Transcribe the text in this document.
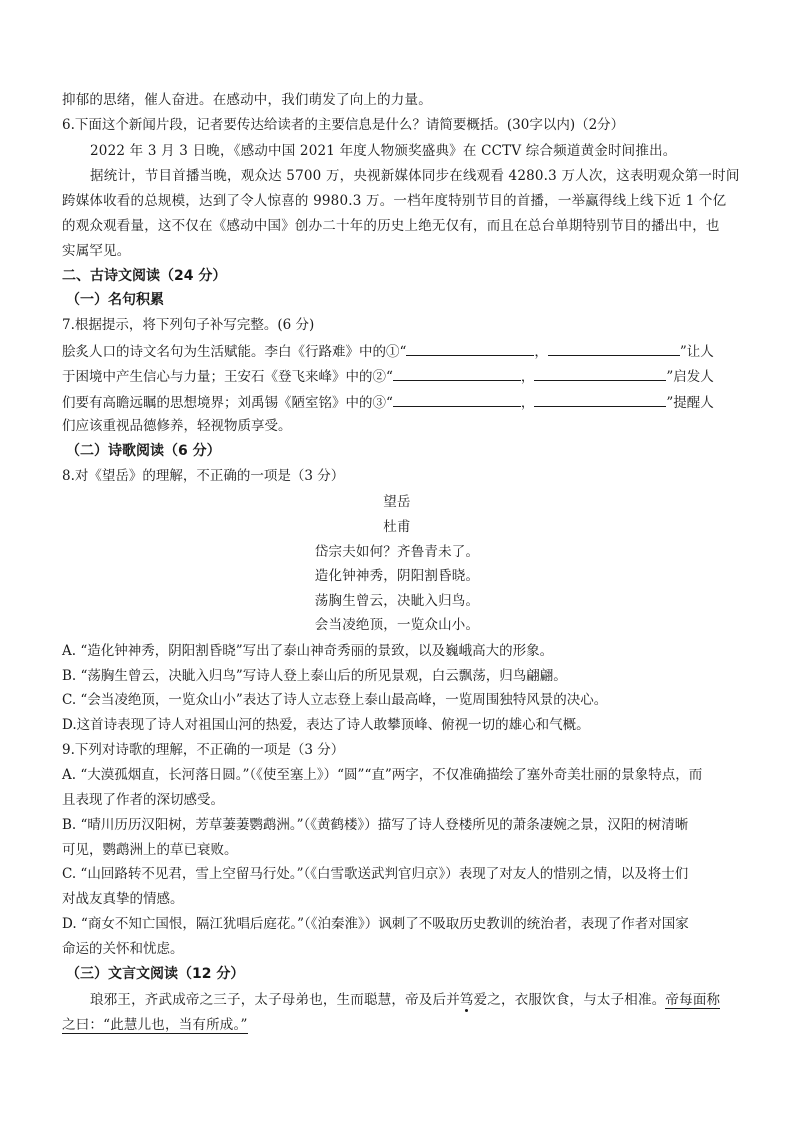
抑郁的思绪，催人奋进。在感动中，我们萌发了向上的力量。
6.下面这个新闻片段，记者要传达给读者的主要信息是什么？请简要概括。(30字以内)（2分）
2022 年 3 月 3 日晚，《感动中国 2021 年度人物颁奖盛典》在 CCTV 综合频道黄金时间推出。
据统计，节目首播当晚，观众达 5700 万，央视新媒体同步在线观看 4280.3 万人次，这表明观众第一时间
跨媒体收看的总规模，达到了令人惊喜的 9980.3 万。一档年度特别节目的首播，一举赢得线上线下近 1 个亿
的观众观看量，这不仅在《感动中国》创办二十年的历史上绝无仅有，而且在总台单期特别节目的播出中，也
实属罕见。
二、古诗文阅读（24 分）
（一）名句积累
7.根据提示，将下列句子补写完整。(6 分)
脍炙人口的诗文名句为生活赋能。李白《行路难》中的①“	，	”让人
于困境中产生信心与力量；王安石《登飞来峰》中的②“	，	”启发人
们要有高瞻远瞩的思想境界；刘禹锡《陋室铭》中的③“	，	”提醒人
们应该重视品德修养，轻视物质享受。
（二）诗歌阅读（6 分）
8.对《望岳》的理解，不正确的一项是（3 分）
望岳
杜甫
岱宗夫如何？齐鲁青未了。
造化钟神秀，阴阳割昏晓。
荡胸生曾云，决眦入归鸟。
会当凌绝顶，一览众山小。
A. “造化钟神秀，阴阳割昏晓”写出了泰山神奇秀丽的景致，以及巍峨高大的形象。
B. “荡胸生曾云，决眦入归鸟”写诗人登上泰山后的所见景观，白云飘荡，归鸟翩翩。
C. “会当凌绝顶，一览众山小”表达了诗人立志登上泰山最高峰，一览周围独特风景的决心。
D.这首诗表现了诗人对祖国山河的热爱，表达了诗人敢攀顶峰、俯视一切的雄心和气概。
9.下列对诗歌的理解，不正确的一项是（3 分）
A. “大漠孤烟直，长河落日圆。”（《使至塞上》）“圆”“直”两字，不仅准确描绘了塞外奇美壮丽的景象特点，而
且表现了作者的深切感受。
B. “晴川历历汉阳树，芳草萋萋鹦鹉洲。”（《黄鹤楼》）描写了诗人登楼所见的萧条凄婉之景，汉阳的树清晰
可见，鹦鹉洲上的草已衰败。
C. “山回路转不见君，雪上空留马行处。”（《白雪歌送武判官归京》）表现了对友人的惜别之情，以及将士们
对战友真挚的情感。
D. “商女不知亡国恨，隔江犹唱后庭花。”（《泊秦淮》）讽刺了不吸取历史教训的统治者，表现了作者对国家
命运的关怀和忧虑。
（三）文言文阅读（12 分）
琅邪王，齐武成帝之三子，太子母弟也，生而聪慧，帝及后并笃爱之，衣服饮食，与太子相准。帝每面称
之曰：“此慧儿也，当有所成。”
